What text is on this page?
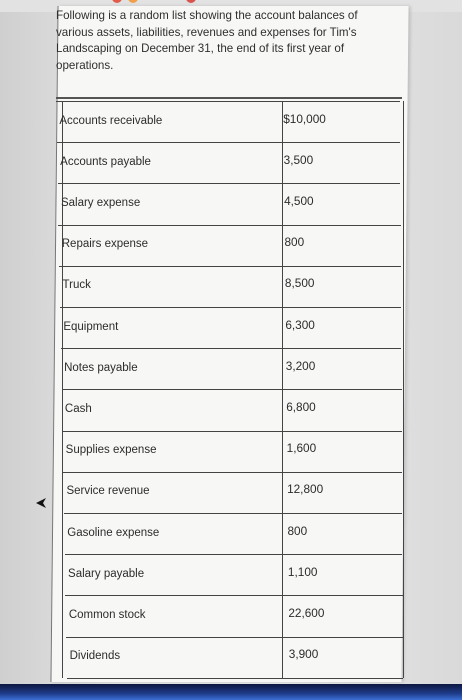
Following is a random list showing the account balances of
various assets, liabilities, revenues and expenses for Tim's
Landscaping on December 31, the end of its first year of
operations.
Accounts receivable	$10,000
Accounts payable	3,500
Salary expense	4,500
Repairs expense	800
Truck	8,500
Equipment	6,300
Notes payable	3,200
Cash	6,800
Supplies expense	1,600
Service revenue	12,800
Gasoline expense	800
Salary payable	1,100
Common stock	22,600
Dividends	3,900
